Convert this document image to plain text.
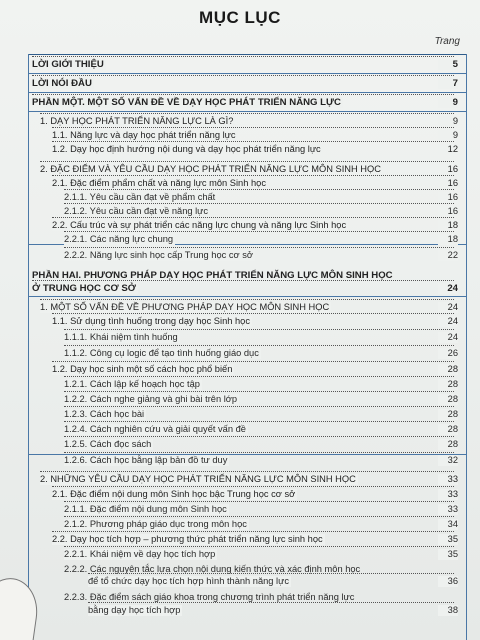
MỤC LỤC
Trang
LỜI GIỚI THIỆU	5
LỜI NÓI ĐẦU	7
PHẦN MỘT. MỘT SỐ VẤN ĐỀ VỀ DẠY HỌC PHÁT TRIỂN NĂNG LỰC	9
1. DẠY HỌC PHÁT TRIỂN NĂNG LỰC LÀ GÌ?	9
1.1. Năng lực và dạy học phát triển năng lực	9
1.2. Dạy học định hướng nội dung và dạy học phát triển năng lực	12
2. ĐẶC ĐIỂM VÀ YÊU CẦU DẠY HỌC PHÁT TRIỂN NĂNG LỰC MÔN SINH HỌC	16
2.1. Đặc điểm phẩm chất và năng lực môn Sinh học	16
2.1.1. Yêu cầu cần đạt về phẩm chất	16
2.1.2. Yêu cầu cần đạt về năng lực	16
2.2. Cấu trúc và sự phát triển các năng lực chung và năng lực Sinh học	18
2.2.1. Các năng lực chung	18
2.2.2. Năng lực sinh học cấp Trung học cơ sở	22
PHẦN HAI. PHƯƠNG PHÁP DẠY HỌC PHÁT TRIỂN NĂNG LỰC MÔN SINH HỌC
Ở TRUNG HỌC CƠ SỞ	24
1. MỘT SỐ VẤN ĐỀ VỀ PHƯƠNG PHÁP DẠY HỌC MÔN SINH HỌC	24
1.1. Sử dụng tình huống trong dạy học Sinh học	24
1.1.1. Khái niệm tình huống	24
1.1.2. Công cụ logic để tạo tình huống giáo dục	26
1.2. Dạy học sinh một số cách học phổ biến	28
1.2.1. Cách lập kế hoạch học tập	28
1.2.2. Cách nghe giảng và ghi bài trên lớp	28
1.2.3. Cách học bài	28
1.2.4. Cách nghiên cứu và giải quyết vấn đề	28
1.2.5. Cách đọc sách	28
1.2.6. Cách học bằng lập bản đồ tư duy	32
2. NHỮNG YÊU CẦU DẠY HỌC PHÁT TRIỂN NĂNG LỰC MÔN SINH HỌC	33
2.1. Đặc điểm nội dung môn Sinh học bậc Trung học cơ sở	33
2.1.1. Đặc điểm nội dung môn Sinh học	33
2.1.2. Phương pháp giáo dục trong môn học	34
2.2. Dạy học tích hợp – phương thức phát triển năng lực sinh học	35
2.2.1. Khái niệm về dạy học tích hợp	35
2.2.2. Các nguyên tắc lựa chọn nội dung kiến thức và xác định môn học
để tổ chức dạy học tích hợp hình thành năng lực	36
2.2.3. Đặc điểm sách giáo khoa trong chương trình phát triển năng lực
bằng dạy học tích hợp	38
